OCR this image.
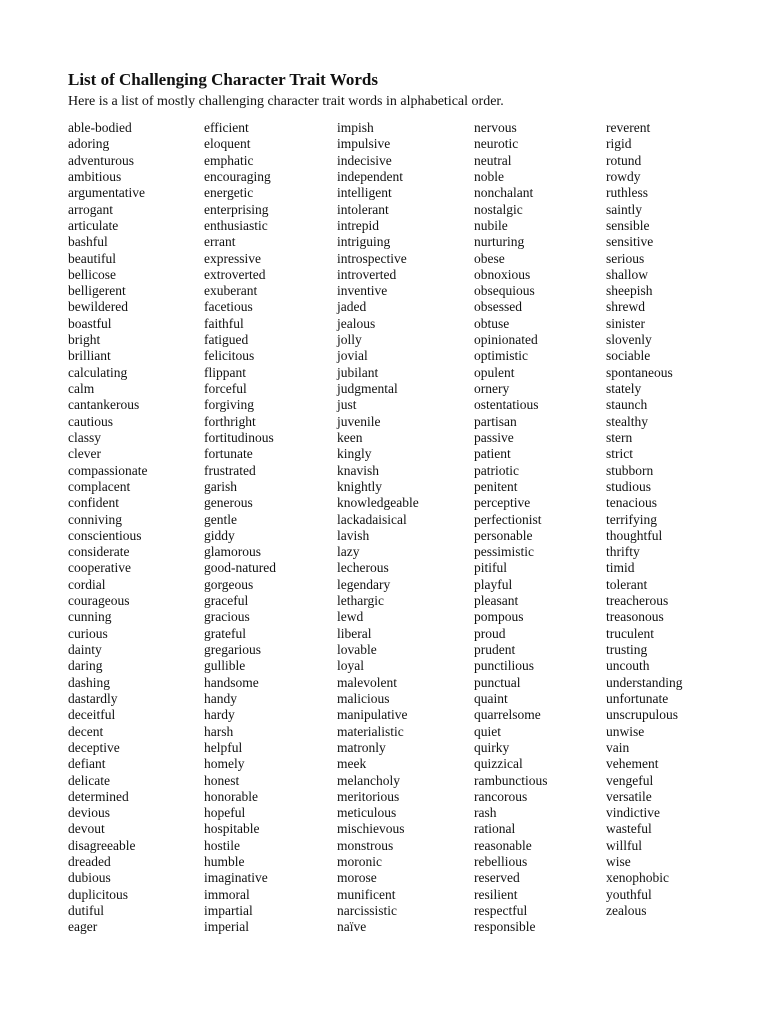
List of Challenging Character Trait Words

Here is a list of mostly challenging character trait words in alphabetical order.

able-bodied
adoring
adventurous
ambitious
argumentative
arrogant
articulate
bashful
beautiful
bellicose
belligerent
bewildered
boastful
bright
brilliant
calculating
calm
cantankerous
cautious
classy
clever
compassionate
complacent
confident
conniving
conscientious
considerate
cooperative
cordial
courageous
cunning
curious
dainty
daring
dashing
dastardly
deceitful
decent
deceptive
defiant
delicate
determined
devious
devout
disagreeable
dreaded
dubious
duplicitous
dutiful
eager
efficient
eloquent
emphatic
encouraging
energetic
enterprising
enthusiastic
errant
expressive
extroverted
exuberant
facetious
faithful
fatigued
felicitous
flippant
forceful
forgiving
forthright
fortitudinous
fortunate
frustrated
garish
generous
gentle
giddy
glamorous
good-natured
gorgeous
graceful
gracious
grateful
gregarious
gullible
handsome
handy
hardy
harsh
helpful
homely
honest
honorable
hopeful
hospitable
hostile
humble
imaginative
immoral
impartial
imperial
impish
impulsive
indecisive
independent
intelligent
intolerant
intrepid
intriguing
introspective
introverted
inventive
jaded
jealous
jolly
jovial
jubilant
judgmental
just
juvenile
keen
kingly
knavish
knightly
knowledgeable
lackadaisical
lavish
lazy
lecherous
legendary
lethargic
lewd
liberal
lovable
loyal
malevolent
malicious
manipulative
materialistic
matronly
meek
melancholy
meritorious
meticulous
mischievous
monstrous
moronic
morose
munificent
narcissistic
naïve
nervous
neurotic
neutral
noble
nonchalant
nostalgic
nubile
nurturing
obese
obnoxious
obsequious
obsessed
obtuse
opinionated
optimistic
opulent
ornery
ostentatious
partisan
passive
patient
patriotic
penitent
perceptive
perfectionist
personable
pessimistic
pitiful
playful
pleasant
pompous
proud
prudent
punctilious
punctual
quaint
quarrelsome
quiet
quirky
quizzical
rambunctious
rancorous
rash
rational
reasonable
rebellious
reserved
resilient
respectful
responsible
reverent
rigid
rotund
rowdy
ruthless
saintly
sensible
sensitive
serious
shallow
sheepish
shrewd
sinister
slovenly
sociable
spontaneous
stately
staunch
stealthy
stern
strict
stubborn
studious
tenacious
terrifying
thoughtful
thrifty
timid
tolerant
treacherous
treasonous
truculent
trusting
uncouth
understanding
unfortunate
unscrupulous
unwise
vain
vehement
vengeful
versatile
vindictive
wasteful
willful
wise
xenophobic
youthful
zealous
